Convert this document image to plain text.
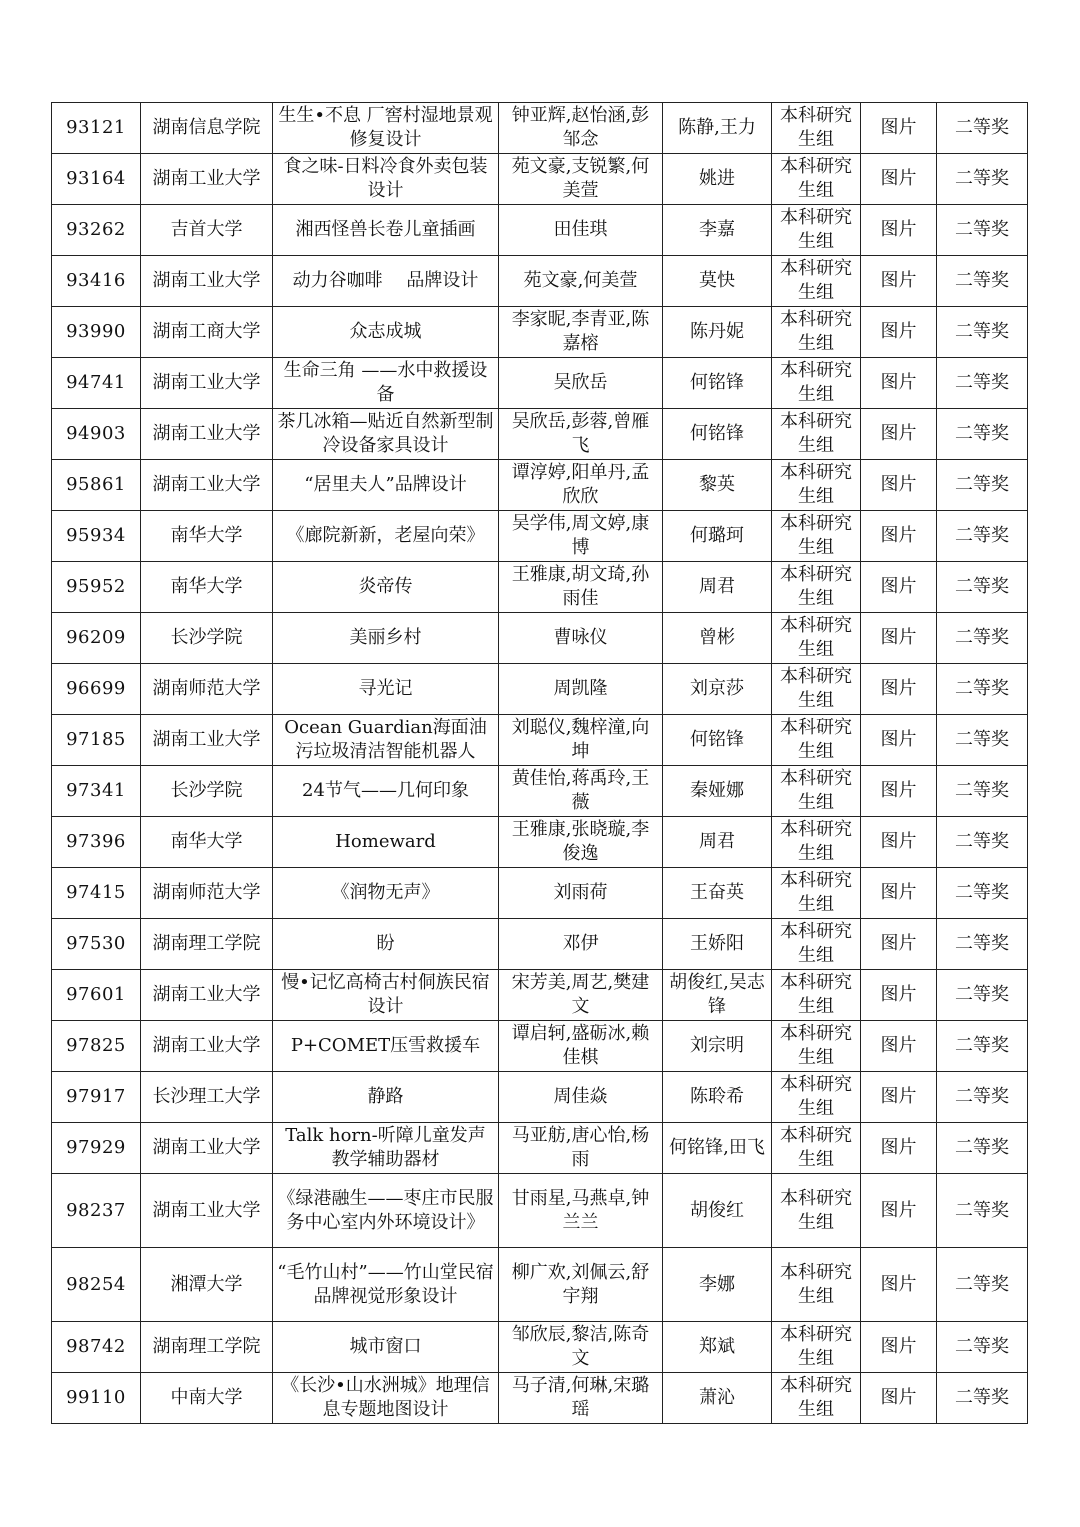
93121	湖南信息学院	生生•不息 厂窖村湿地景观修复设计	钟亚辉,赵怡涵,彭邹念	陈静,王力	本科研究生组	图片	二等奖
93164	湖南工业大学	食之味-日料冷食外卖包装设计	苑文豪,支锐繁,何美萱	姚进	本科研究生组	图片	二等奖
93262	吉首大学	湘西怪兽长卷儿童插画	田佳琪	李嘉	本科研究生组	图片	二等奖
93416	湖南工业大学	动力谷咖啡　 品牌设计	苑文豪,何美萱	莫快	本科研究生组	图片	二等奖
93990	湖南工商大学	众志成城	李家昵,李青亚,陈嘉榕	陈丹妮	本科研究生组	图片	二等奖
94741	湖南工业大学	生命三角 ——水中救援设备	吴欣岳	何铭锋	本科研究生组	图片	二等奖
94903	湖南工业大学	茶几冰箱—贴近自然新型制冷设备家具设计	吴欣岳,彭蓉,曾雁飞	何铭锋	本科研究生组	图片	二等奖
95861	湖南工业大学	“居里夫人”品牌设计	谭淳婷,阳单丹,孟欣欣	黎英	本科研究生组	图片	二等奖
95934	南华大学	《廊院新新，老屋向荣》	吴学伟,周文婷,康博	何璐珂	本科研究生组	图片	二等奖
95952	南华大学	炎帝传	王雅康,胡文琦,孙雨佳	周君	本科研究生组	图片	二等奖
96209	长沙学院	美丽乡村	曹咏仪	曾彬	本科研究生组	图片	二等奖
96699	湖南师范大学	寻光记	周凯隆	刘京莎	本科研究生组	图片	二等奖
97185	湖南工业大学	Ocean Guardian海面油污垃圾清洁智能机器人	刘聪仪,魏梓潼,向坤	何铭锋	本科研究生组	图片	二等奖
97341	长沙学院	24节气——几何印象	黄佳怡,蒋禹玲,王薇	秦娅娜	本科研究生组	图片	二等奖
97396	南华大学	Homeward	王雅康,张晓璇,李俊逸	周君	本科研究生组	图片	二等奖
97415	湖南师范大学	《润物无声》	刘雨荷	王奋英	本科研究生组	图片	二等奖
97530	湖南理工学院	盼	邓伊	王娇阳	本科研究生组	图片	二等奖
97601	湖南工业大学	慢•记忆高椅古村侗族民宿设计	宋芳美,周艺,樊建文	胡俊红,吴志锋	本科研究生组	图片	二等奖
97825	湖南工业大学	P+COMET压雪救援车	谭启轲,盛砺冰,赖佳棋	刘宗明	本科研究生组	图片	二等奖
97917	长沙理工大学	静路	周佳焱	陈聆希	本科研究生组	图片	二等奖
97929	湖南工业大学	Talk horn-听障儿童发声教学辅助器材	马亚舫,唐心怡,杨雨	何铭锋,田飞	本科研究生组	图片	二等奖
98237	湖南工业大学	《绿港融生——枣庄市民服务中心室内外环境设计》	甘雨星,马燕卓,钟兰兰	胡俊红	本科研究生组	图片	二等奖
98254	湘潭大学	“毛竹山村”——竹山堂民宿品牌视觉形象设计	柳广欢,刘佩云,舒宇翔	李娜	本科研究生组	图片	二等奖
98742	湖南理工学院	城市窗口	邹欣辰,黎洁,陈奇文	郑斌	本科研究生组	图片	二等奖
99110	中南大学	《长沙•山水洲城》地理信息专题地图设计	马子清,何琳,宋璐瑶	萧沁	本科研究生组	图片	二等奖
